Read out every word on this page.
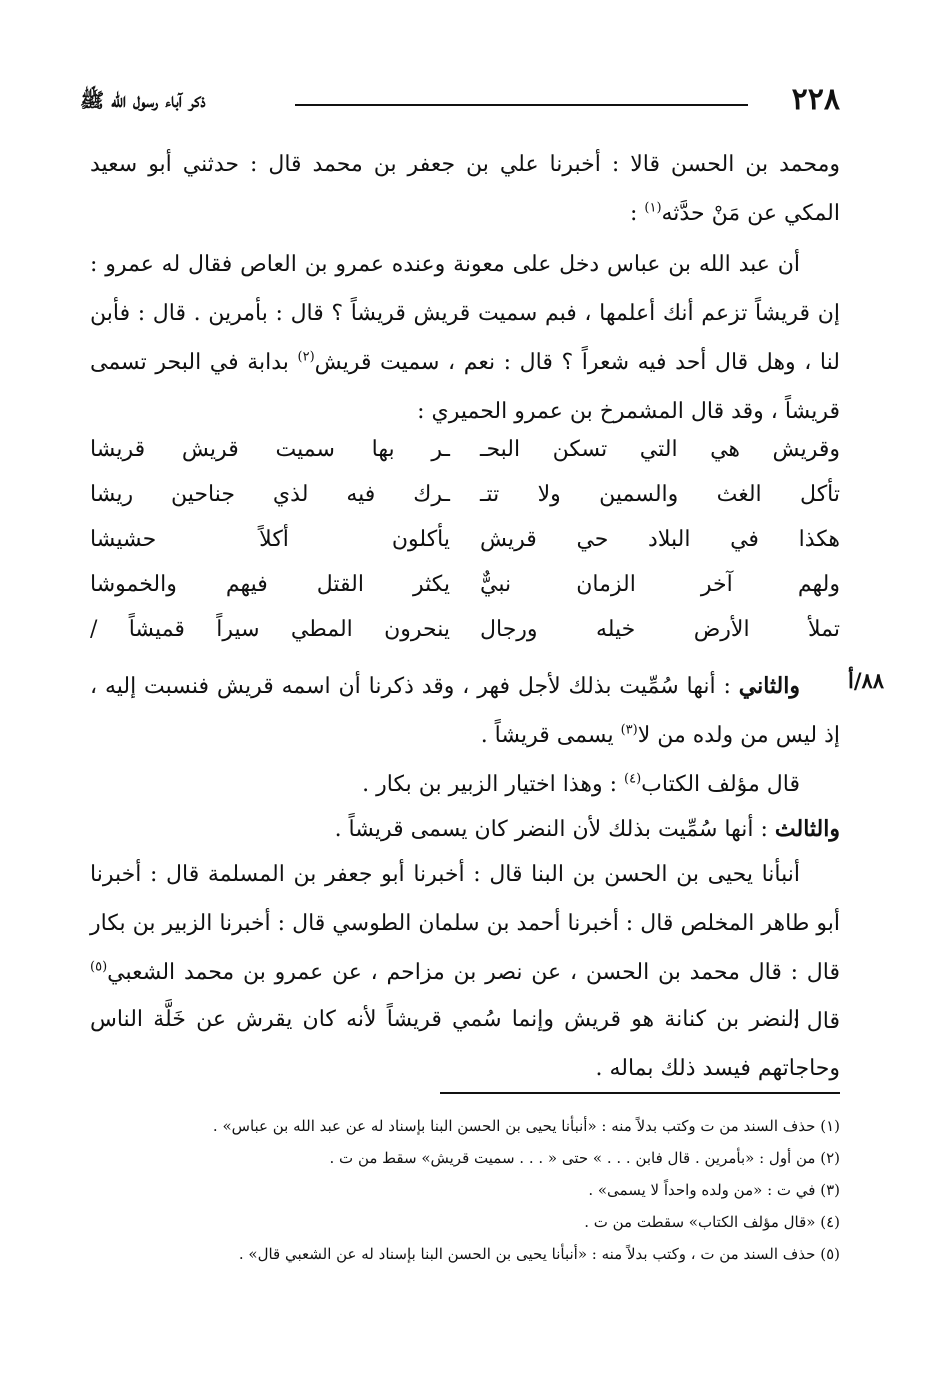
٢٢٨
ذكر آباء رسول الله ﷺ

ومحمد بن الحسن قالا : أخبرنا علي بن جعفر بن محمد قال : حدثني أبو سعيد المكي عن مَنْ حدَّثه$^{(١)}$ :

أن عبد الله بن عباس دخل على معونة وعنده عمرو بن العاص فقال له عمرو : إن قريشاً تزعم أنك أعلمها ، فبم سميت قريش قريشاً ؟ قال : بأمرين . قال : فأبن لنا ، وهل قال أحد فيه شعراً ؟ قال : نعم ، سميت قريش$^{(٢)}$ بدابة في البحر تسمى قريشاً ، وقد قال المشمرخ بن عمرو الحميري :

وقريش هي التي تسكن البحـ
ـر بها سميت قريش قريشا
تأكل الغث والسمين ولا تتـ
ـرك فيه لذي جناحين ريشا
هكذا في البلاد حي قريش
يأكلون أكلاً حشيشا
ولهم آخر الزمان نبيٌّ
يكثر القتل فيهم والخموشا
تملأ الأرض خيله ورجال
ينحرون المطي سيراً قميشاً /
٨٨/أ

والثاني : أنها سُمِّيت بذلك لأجل فهر ، وقد ذكرنا أن اسمه قريش فنسبت إليه ، إذ ليس من ولده من لا$^{(٣)}$ يسمى قريشاً .

قال مؤلف الكتاب$^{(٤)}$ : وهذا اختيار الزبير بن بكار .

والثالث : أنها سُمِّيت بذلك لأن النضر كان يسمى قريشاً .

أنبأنا يحيى بن الحسن بن البنا قال : أخبرنا أبو جعفر بن المسلمة قال : أخبرنا أبو طاهر المخلص قال : أخبرنا أحمد بن سلمان الطوسي قال : أخبرنا الزبير بن بكار قال : قال محمد بن الحسن ، عن نصر بن مزاحم ، عن عمرو بن محمد الشعبي$^{(٥)}$ قال :

النضر بن كنانة هو قريش وإنما سُمي قريشاً لأنه كان يقرش عن خَلَّة الناس وحاجاتهم فيسد ذلك بماله .

(١) حذف السند من ت وكتب بدلاً منه : «أنبأنا يحيى بن الحسن البنا بإسناد له عن عبد الله بن عباس» .
(٢) من أول : «بأمرين . قال فابن . . . » حتى « . . . سميت قريش» سقط من ت .
(٣) في ت : «من ولده واحداً لا يسمى» .
(٤) «قال مؤلف الكتاب» سقطت من ت .
(٥) حذف السند من ت ، وكتب بدلاً منه : «أنبأنا يحيى بن الحسن البنا بإسناد له عن الشعبي قال» .
